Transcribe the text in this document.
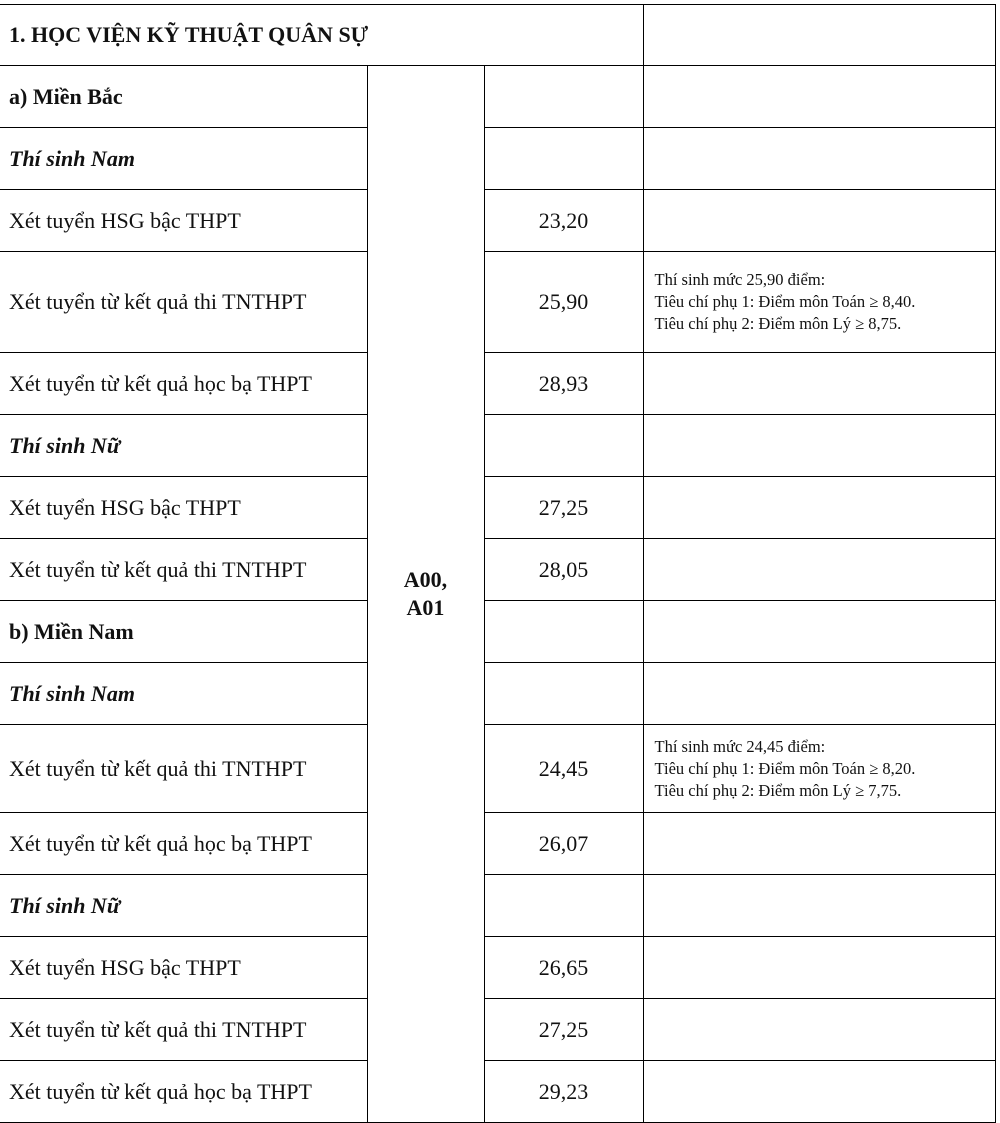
1. HỌC VIỆN KỸ THUẬT QUÂN SỰ			
a) Miền Bắc	A00,
A01		

Thí sinh Nam			
Xét tuyển HSG bậc THPT		23,20	
Xét tuyển từ kết quả thi TNTHPT		25,90	Thí sinh mức 25,90 điểm:
Tiêu chí phụ 1: Điểm môn Toán ≥ 8,40.
Tiêu chí phụ 2: Điểm môn Lý ≥ 8,75.

Xét tuyển từ kết quả học bạ THPT		28,93	
Thí sinh Nữ			
Xét tuyển HSG bậc THPT		27,25	
Xét tuyển từ kết quả thi TNTHPT		28,05	
b) Miền Nam			
Thí sinh Nam			
Xét tuyển từ kết quả thi TNTHPT		24,45	Thí sinh mức 24,45 điểm:
Tiêu chí phụ 1: Điểm môn Toán ≥ 8,20.
Tiêu chí phụ 2: Điểm môn Lý ≥ 7,75.

Xét tuyển từ kết quả học bạ THPT		26,07	
Thí sinh Nữ			
Xét tuyển HSG bậc THPT		26,65	
Xét tuyển từ kết quả thi TNTHPT		27,25	
Xét tuyển từ kết quả học bạ THPT		29,23	
